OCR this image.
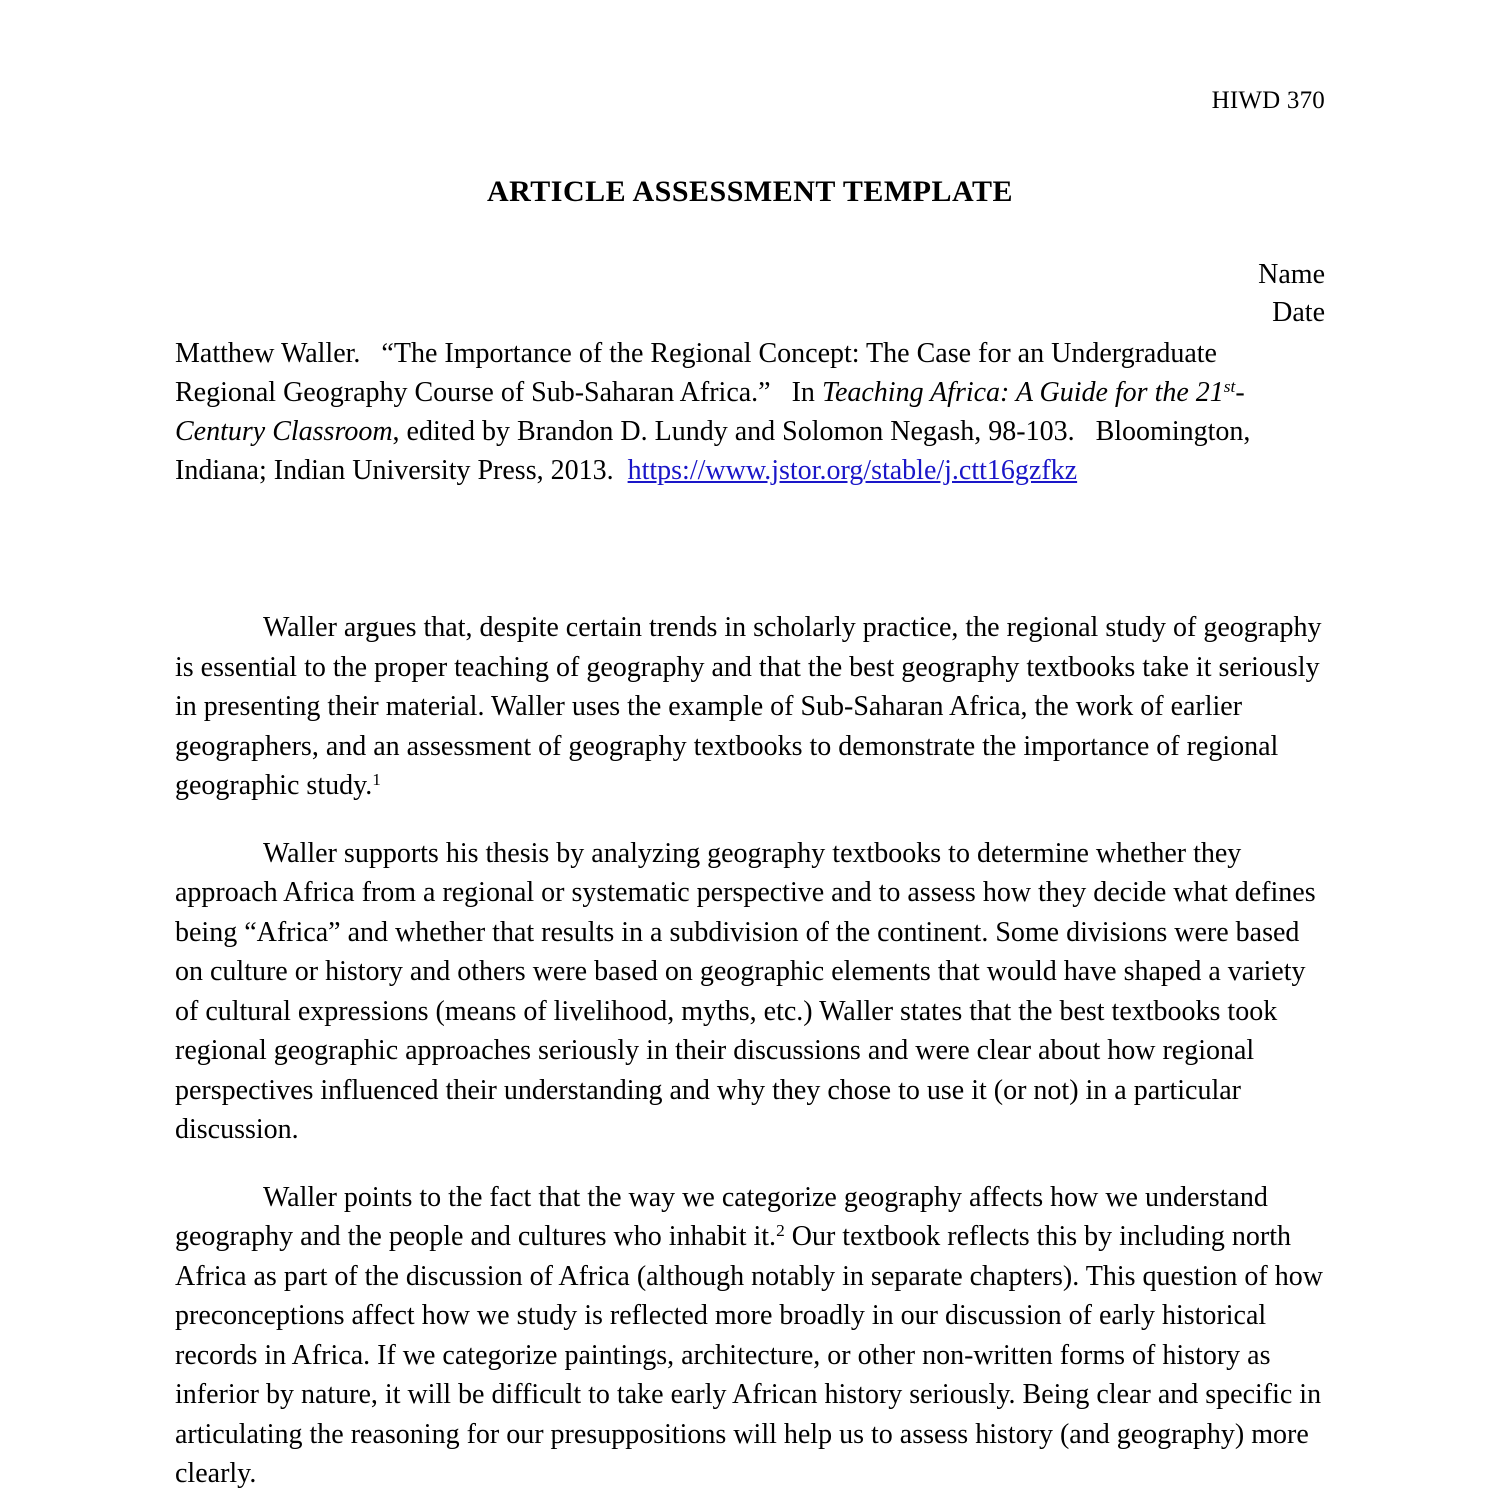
HIWD 370
ARTICLE ASSESSMENT TEMPLATE
Name
Date
Matthew Waller. “The Importance of the Regional Concept: The Case for an Undergraduate Regional Geography Course of Sub-Saharan Africa.” In Teaching Africa: A Guide for the 21st-Century Classroom, edited by Brandon D. Lundy and Solomon Negash, 98-103. Bloomington, Indiana; Indian University Press, 2013. https://www.jstor.org/stable/j.ctt16gzfkz

Waller argues that, despite certain trends in scholarly practice, the regional study of geography is essential to the proper teaching of geography and that the best geography textbooks take it seriously in presenting their material. Waller uses the example of Sub-Saharan Africa, the work of earlier geographers, and an assessment of geography textbooks to demonstrate the importance of regional geographic study.$^1$

Waller supports his thesis by analyzing geography textbooks to determine whether they approach Africa from a regional or systematic perspective and to assess how they decide what defines being “Africa” and whether that results in a subdivision of the continent. Some divisions were based on culture or history and others were based on geographic elements that would have shaped a variety of cultural expressions (means of livelihood, myths, etc.) Waller states that the best textbooks took regional geographic approaches seriously in their discussions and were clear about how regional perspectives influenced their understanding and why they chose to use it (or not) in a particular discussion.

Waller points to the fact that the way we categorize geography affects how we understand geography and the people and cultures who inhabit it.$^2$ Our textbook reflects this by including north Africa as part of the discussion of Africa (although notably in separate chapters). This question of how preconceptions affect how we study is reflected more broadly in our discussion of early historical records in Africa. If we categorize paintings, architecture, or other non-written forms of history as inferior by nature, it will be difficult to take early African history seriously. Being clear and specific in articulating the reasoning for our presuppositions will help us to assess history (and geography) more clearly.
